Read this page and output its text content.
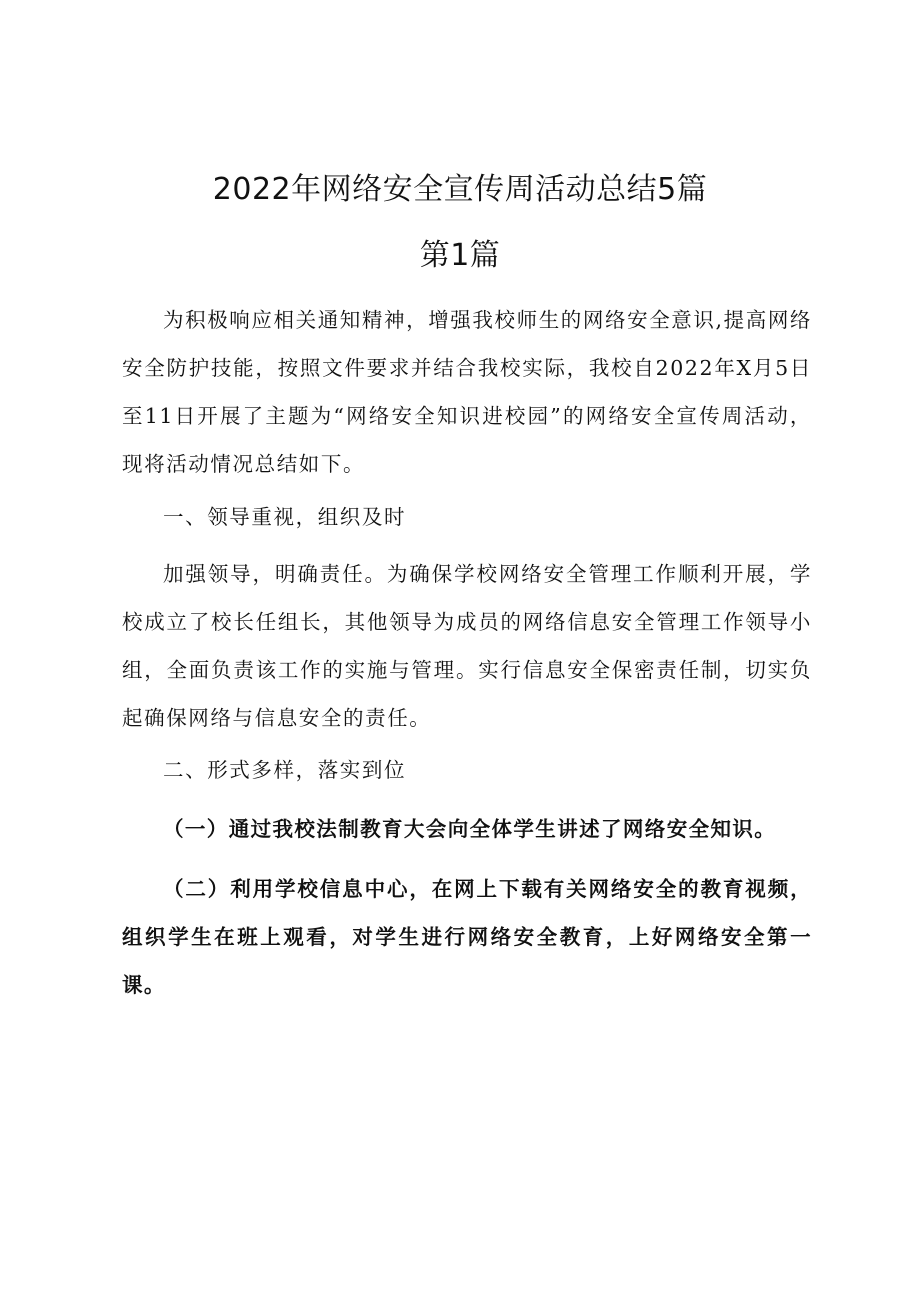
2022年网络安全宣传周活动总结5篇
第1篇

为积极响应相关通知精神，增强我校师生的网络安全意识,提高网络安全防护技能，按照文件要求并结合我校实际，我校自2022年X月5日至11日开展了主题为“网络安全知识进校园”的网络安全宣传周活动，现将活动情况总结如下。

一、领导重视，组织及时

加强领导，明确责任。为确保学校网络安全管理工作顺利开展，学校成立了校长任组长，其他领导为成员的网络信息安全管理工作领导小组，全面负责该工作的实施与管理。实行信息安全保密责任制，切实负起确保网络与信息安全的责任。

二、形式多样，落实到位

（一）通过我校法制教育大会向全体学生讲述了网络安全知识。

（二）利用学校信息中心，在网上下载有关网络安全的教育视频，组织学生在班上观看，对学生进行网络安全教育，上好网络安全第一课。
